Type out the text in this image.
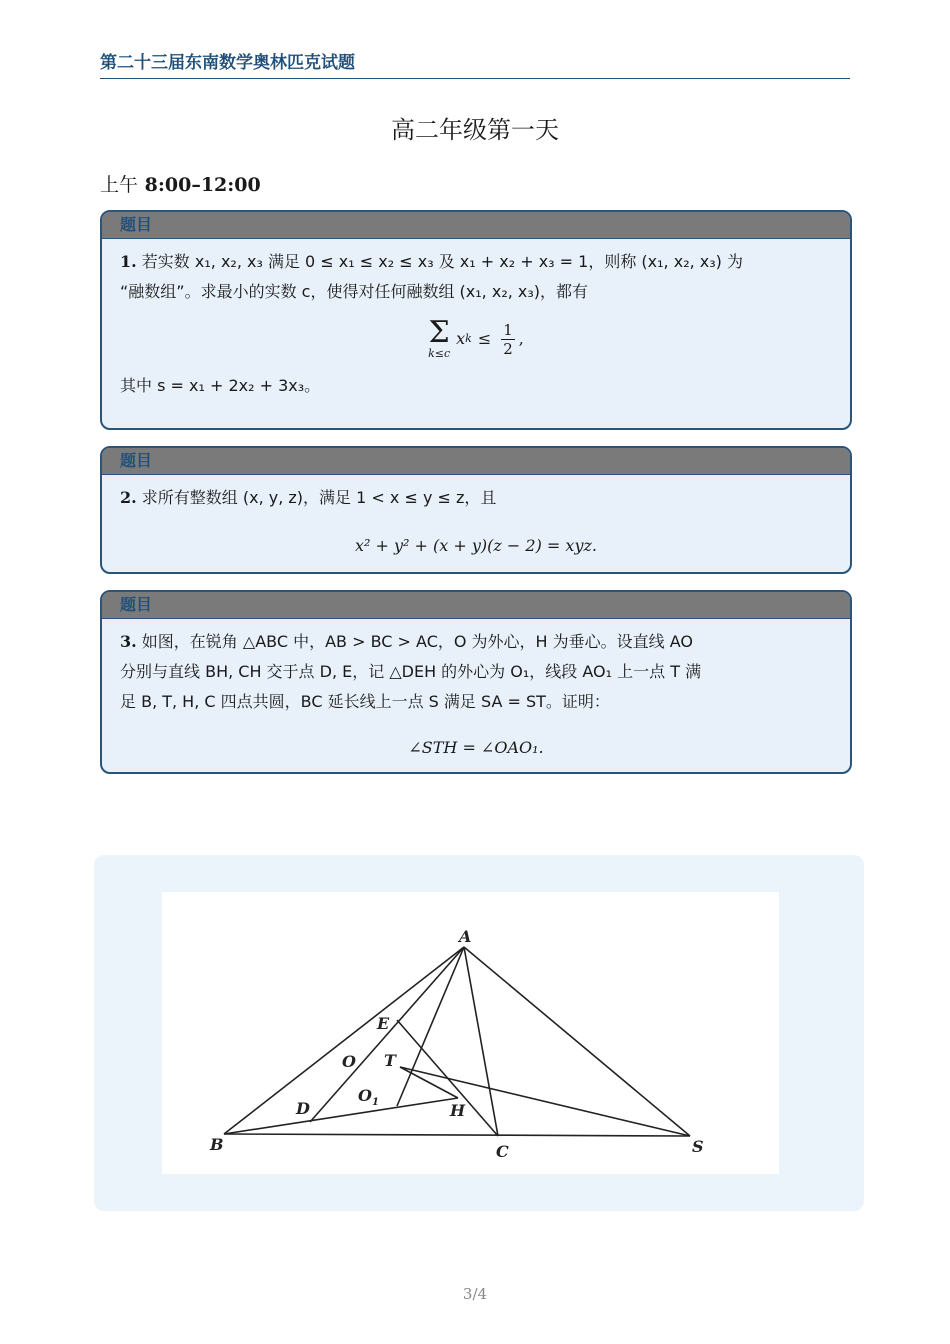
第二十三届东南数学奥林匹克试题
高二年级第一天
上午 8:00–12:00
题目

1. 若实数 x₁, x₂, x₃ 满足 0 ≤ x₁ ≤ x₂ ≤ x₃ 及 x₁ + x₂ + x₃ = 1，则称 (x₁, x₂, x₃) 为

“融数组”。求最小的实数 c，使得对任何融数组 (x₁, x₂, x₃)，都有

Σ
k≤c
x $k \le \frac{1}{2}$ ,

其中 s = x₁ + 2x₂ + 3x₃。

题目

2. 求所有整数组 (x, y, z)，满足 1 < x ≤ y ≤ z，且

x² + y² + (x + y)(z − 2) = xyz.

题目

3. 如图，在锐角 △ABC 中，AB > BC > AC，O 为外心，H 为垂心。设直线 AO

分别与直线 BH, CH 交于点 D, E，记 △DEH 的外心为 O₁，线段 AO₁ 上一点 T 满

足 B, T, H, C 四点共圆，BC 延长线上一点 S 满足 SA = ST。证明：

∠STH = ∠OAO₁.

A
B	C	S
D
E
O
$O_1$
T
H
3/4
